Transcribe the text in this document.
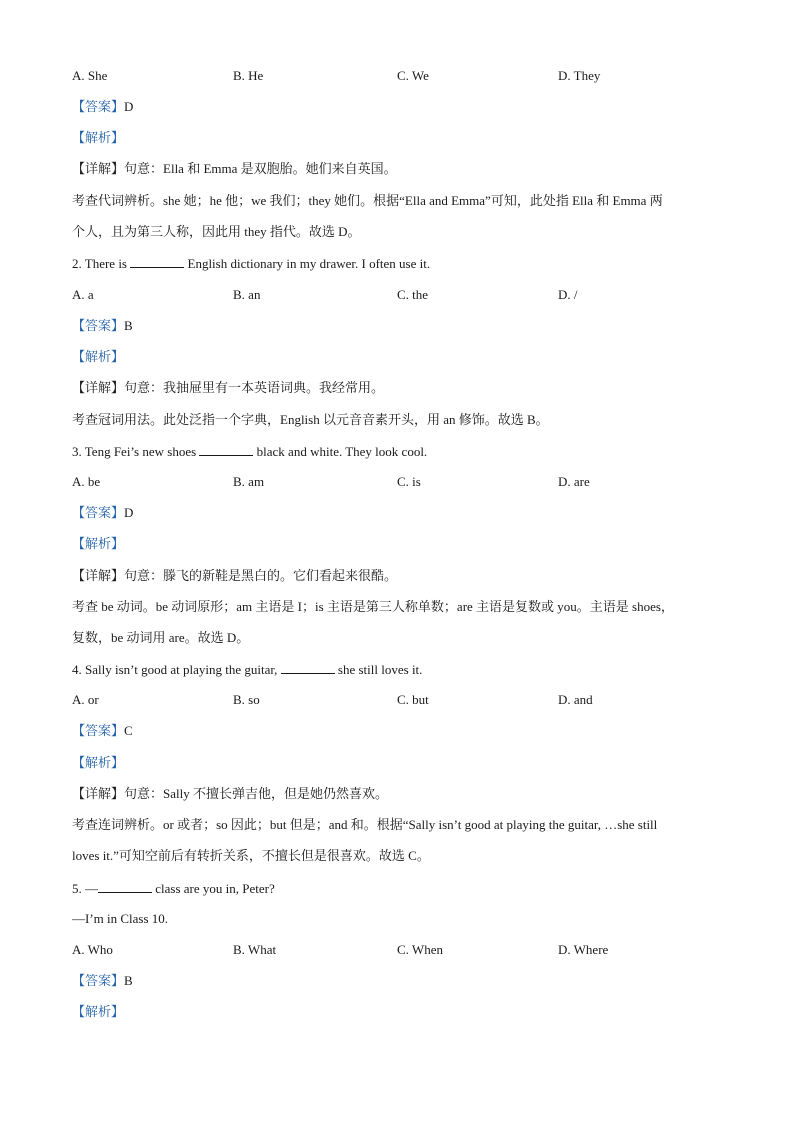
A. She	B. He	C. We	D. They
【答案】D
【解析】
【详解】句意：Ella 和 Emma 是双胞胎。她们来自英国。
考查代词辨析。she 她；he 他；we 我们；they 她们。根据“Ella and Emma”可知，此处指 Ella 和 Emma 两
个人，且为第三人称，因此用 they 指代。故选 D。
2. There is	English dictionary in my drawer. I often use it.
A. a	B. an	C. the	D. /
【答案】B
【解析】
【详解】句意：我抽屉里有一本英语词典。我经常用。
考查冠词用法。此处泛指一个字典，English 以元音音素开头，用 an 修饰。故选 B。
3. Teng Fei’s new shoes	black and white. They look cool.
A. be	B. am	C. is	D. are
【答案】D
【解析】
【详解】句意：滕飞的新鞋是黑白的。它们看起来很酷。
考查 be 动词。be 动词原形；am 主语是 I；is 主语是第三人称单数；are 主语是复数或 you。主语是 shoes，
复数，be 动词用 are。故选 D。
4. Sally isn’t good at playing the guitar,	she still loves it.
A. or	B. so	C. but	D. and
【答案】C
【解析】
【详解】句意：Sally 不擅长弹吉他，但是她仍然喜欢。
考查连词辨析。or 或者；so 因此；but 但是；and 和。根据“Sally isn’t good at playing the guitar, …she still
loves it.”可知空前后有转折关系，不擅长但是很喜欢。故选 C。
5. —	class are you in, Peter?
—I’m in Class 10.
A. Who	B. What	C. When	D. Where
【答案】B
【解析】
